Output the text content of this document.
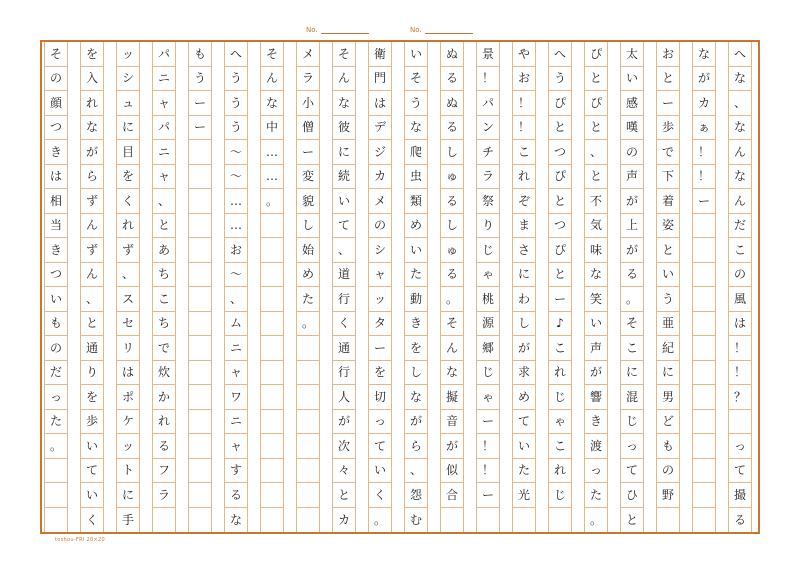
No.	No.
へ
な
、
な
ん
な
ん
だ
こ
の
風
は
！
！
？
っ
て
撮
る
な
が
カ
ぁ
！
！
ー
お
と
ー
歩
で
下
着
姿
と
い
う
亜
紀
に
男
ど
も
の
野
太
い
感
嘆
の
声
が
上
が
る
。
そ
こ
に
混
じ
っ
て
ひ
と
ぴ
と
ぴ
と
、
と
不
気
味
な
笑
い
声
が
響
き
渡
っ
た
。
へ
う
ぴ
と
つ
ぴ
と
つ
ぴ
と
ー
♪
こ
れ
じ
ゃ
こ
れ
じ
や
お
！
！
こ
れ
ぞ
ま
さ
に
わ
し
が
求
め
て
い
た
光
景
！
パ
ン
チ
ラ
祭
り
じ
ゃ
桃
源
郷
じ
ゃ
ー
！
！
ー
ぬ
る
ぬ
る
し
ゅ
る
し
ゅ
る
。
そ
ん
な
擬
音
が
似
合
い
そ
う
な
爬
虫
類
め
い
た
動
き
を
し
な
が
ら
、
怨
む
衛
門
は
デ
ジ
カ
メ
の
シ
ャ
ッ
タ
ー
を
切
っ
て
い
く
。
そ
ん
な
彼
に
続
い
て
、
道
行
く
通
行
人
が
次
々
と
カ
メ
ラ
小
僧
ー
変
貌
し
始
め
た
。
そ
ん
な
中
…
…
。
へ
う
う
う
～
～
…
…
お
～
、
ム
ニ
ャ
ワ
ニ
ャ
す
る
な
も
う
ー
ー
パ
ニ
ャ
パ
ニ
ャ
、
と
あ
ち
こ
ち
で
炊
か
れ
る
フ
ラ
ッ
シ
ュ
に
目
を
く
れ
ず
、
ス
セ
リ
は
ポ
ケ
ッ
ト
に
手
を
入
れ
な
が
ら
ず
ん
ず
ん
、
と
通
り
を
歩
い
て
い
く
そ
の
顔
つ
き
は
相
当
き
つ
い
も
の
だ
っ
た
。
toshou-FRI 20×20
